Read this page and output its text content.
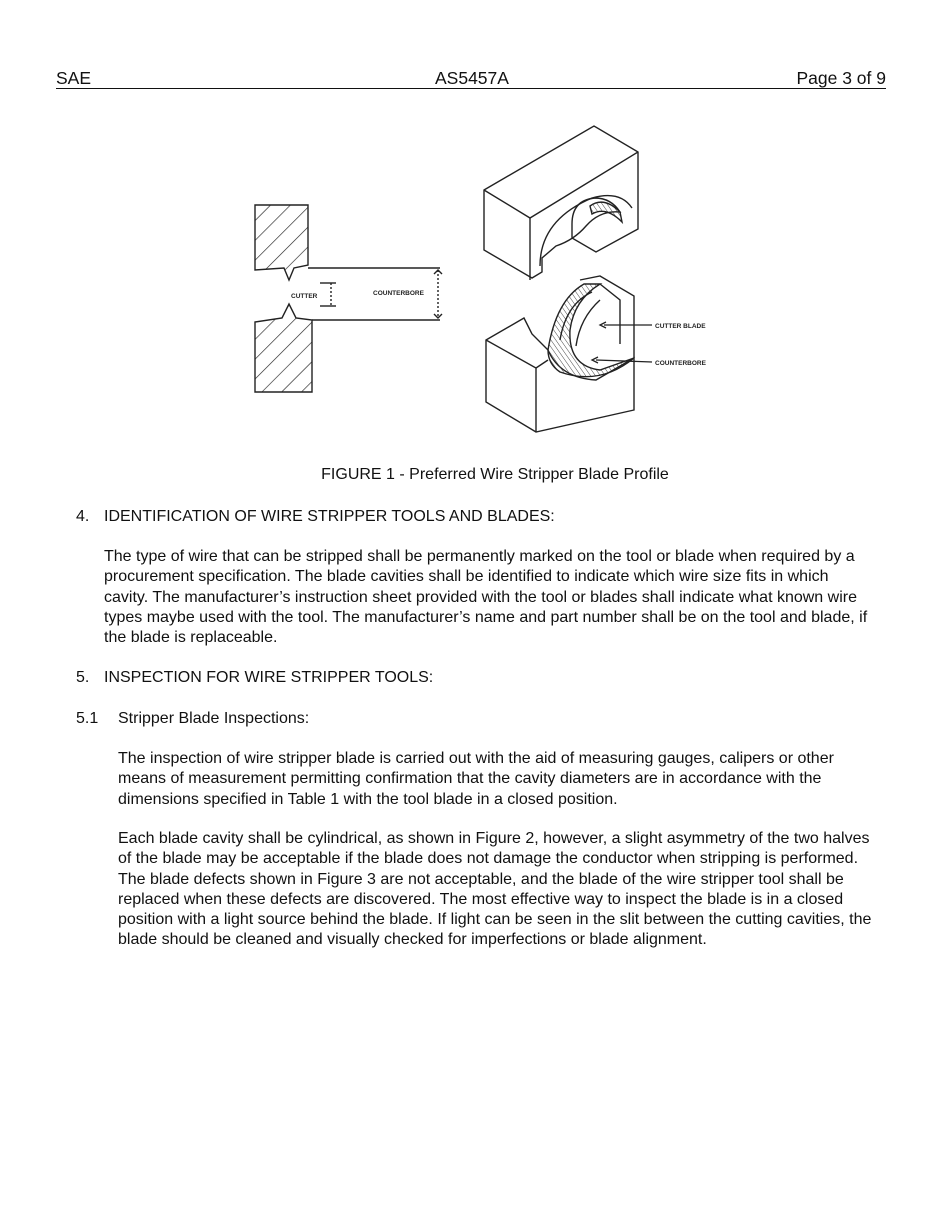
SAE	AS5457A	Page 3 of 9
CUTTER	COUNTERBORE
CUTTER BLADE
COUNTERBORE
FIGURE 1 - Preferred Wire Stripper Blade Profile
4. IDENTIFICATION OF WIRE STRIPPER TOOLS AND BLADES:

The type of wire that can be stripped shall be permanently marked on the tool or blade when required by a procurement specification. The blade cavities shall be identified to indicate which wire size fits in which cavity. The manufacturer’s instruction sheet provided with the tool or blades shall indicate what known wire types maybe used with the tool. The manufacturer’s name and part number shall be on the tool and blade, if the blade is replaceable.

5. INSPECTION FOR WIRE STRIPPER TOOLS:
5.1 Stripper Blade Inspections:

The inspection of wire stripper blade is carried out with the aid of measuring gauges, calipers or other means of measurement permitting confirmation that the cavity diameters are in accordance with the dimensions specified in Table 1 with the tool blade in a closed position.

Each blade cavity shall be cylindrical, as shown in Figure 2, however, a slight asymmetry of the two halves of the blade may be acceptable if the blade does not damage the conductor when stripping is performed. The blade defects shown in Figure 3 are not acceptable, and the blade of the wire stripper tool shall be replaced when these defects are discovered. The most effective way to inspect the blade is in a closed position with a light source behind the blade. If light can be seen in the slit between the cutting cavities, the blade should be cleaned and visually checked for imperfections or blade alignment.
